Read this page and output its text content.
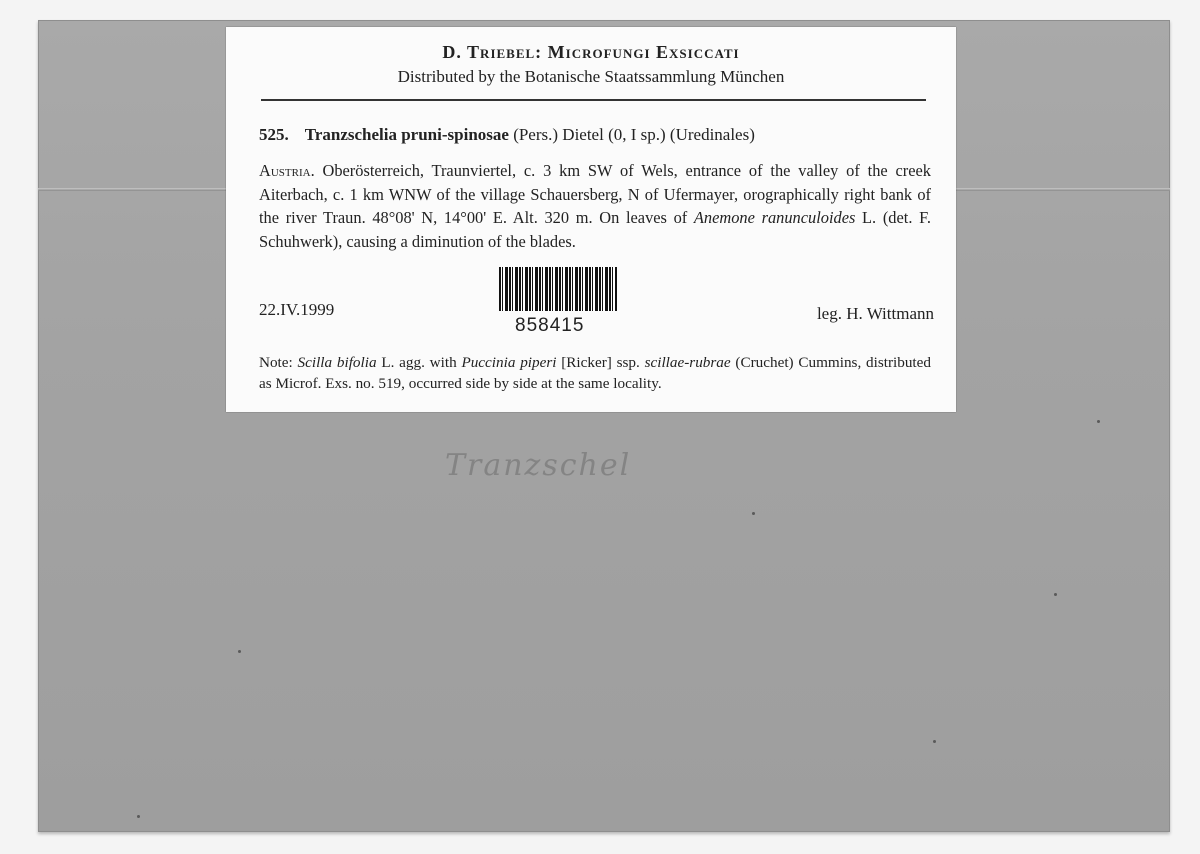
Tranzschel
D. Triebel: Microfungi Exsiccati
Distributed by the Botanische Staatssammlung München
525. Tranzschelia pruni-spinosae (Pers.) Dietel (0, I sp.) (Uredinales)
Austria. Oberösterreich, Traunviertel, c. 3 km SW of Wels, entrance of the valley of the creek Aiterbach, c. 1 km WNW of the village Schauersberg, N of Ufermayer, orographically right bank of the river Traun. 48°08' N, 14°00' E. Alt. 320 m. On leaves of Anemone ranunculoides L. (det. F. Schuhwerk), causing a diminution of the blades.
22.IV.1999
858415
leg. H. Wittmann
Note: Scilla bifolia L. agg. with Puccinia piperi [Ricker] ssp. scillae-rubrae (Cruchet) Cummins, distributed as Microf. Exs. no. 519, occurred side by side at the same locality.
